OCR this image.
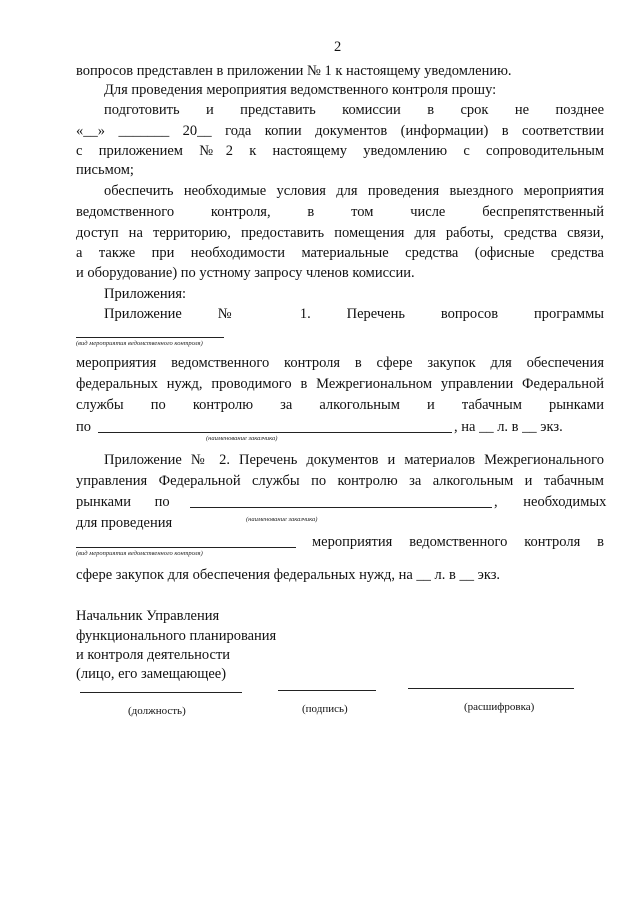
2
вопросов представлен в приложении № 1 к настоящему уведомлению.
Для проведения мероприятия ведомственного контроля прошу:
подготовить и представить комиссии в срок не позднее
«__» _______ 20__ года копии документов (информации) в соответствии
с приложением №2 к настоящему уведомлению с сопроводительным
письмом;
обеспечить необходимые условия для проведения выездного мероприятия
ведомственного контроля, в том числе беспрепятственный
доступ на территорию, предоставить помещения для работы, средства связи,
а также при необходимости материальные средства (офисные средства
и оборудование) по устному запросу членов комиссии.
Приложения:
Приложение № 1. Перечень вопросов программы
(вид мероприятия ведомственного контроля)
мероприятия ведомственного контроля в сфере закупок для обеспечения
федеральных нужд, проводимого в Межрегиональном управлении Федеральной
службы по контролю за алкогольным и табачным рынками
по	, на __ л. в __ экз.
(наименование заказчика)
Приложение № 2. Перечень документов и материалов Межрегионального
управления Федеральной службы по контролю за алкогольным и табачным
рынками по	, необходимых
для проведения	(наименование заказчика)
мероприятия ведомственного контроля в
(вид мероприятия ведомственного контроля)
сфере закупок для обеспечения федеральных нужд, на __ л. в __ экз.
Начальник Управления
функционального планирования
и контроля деятельности
(лицо, его замещающее)
(должность)	(подпись)	(расшифровка)
